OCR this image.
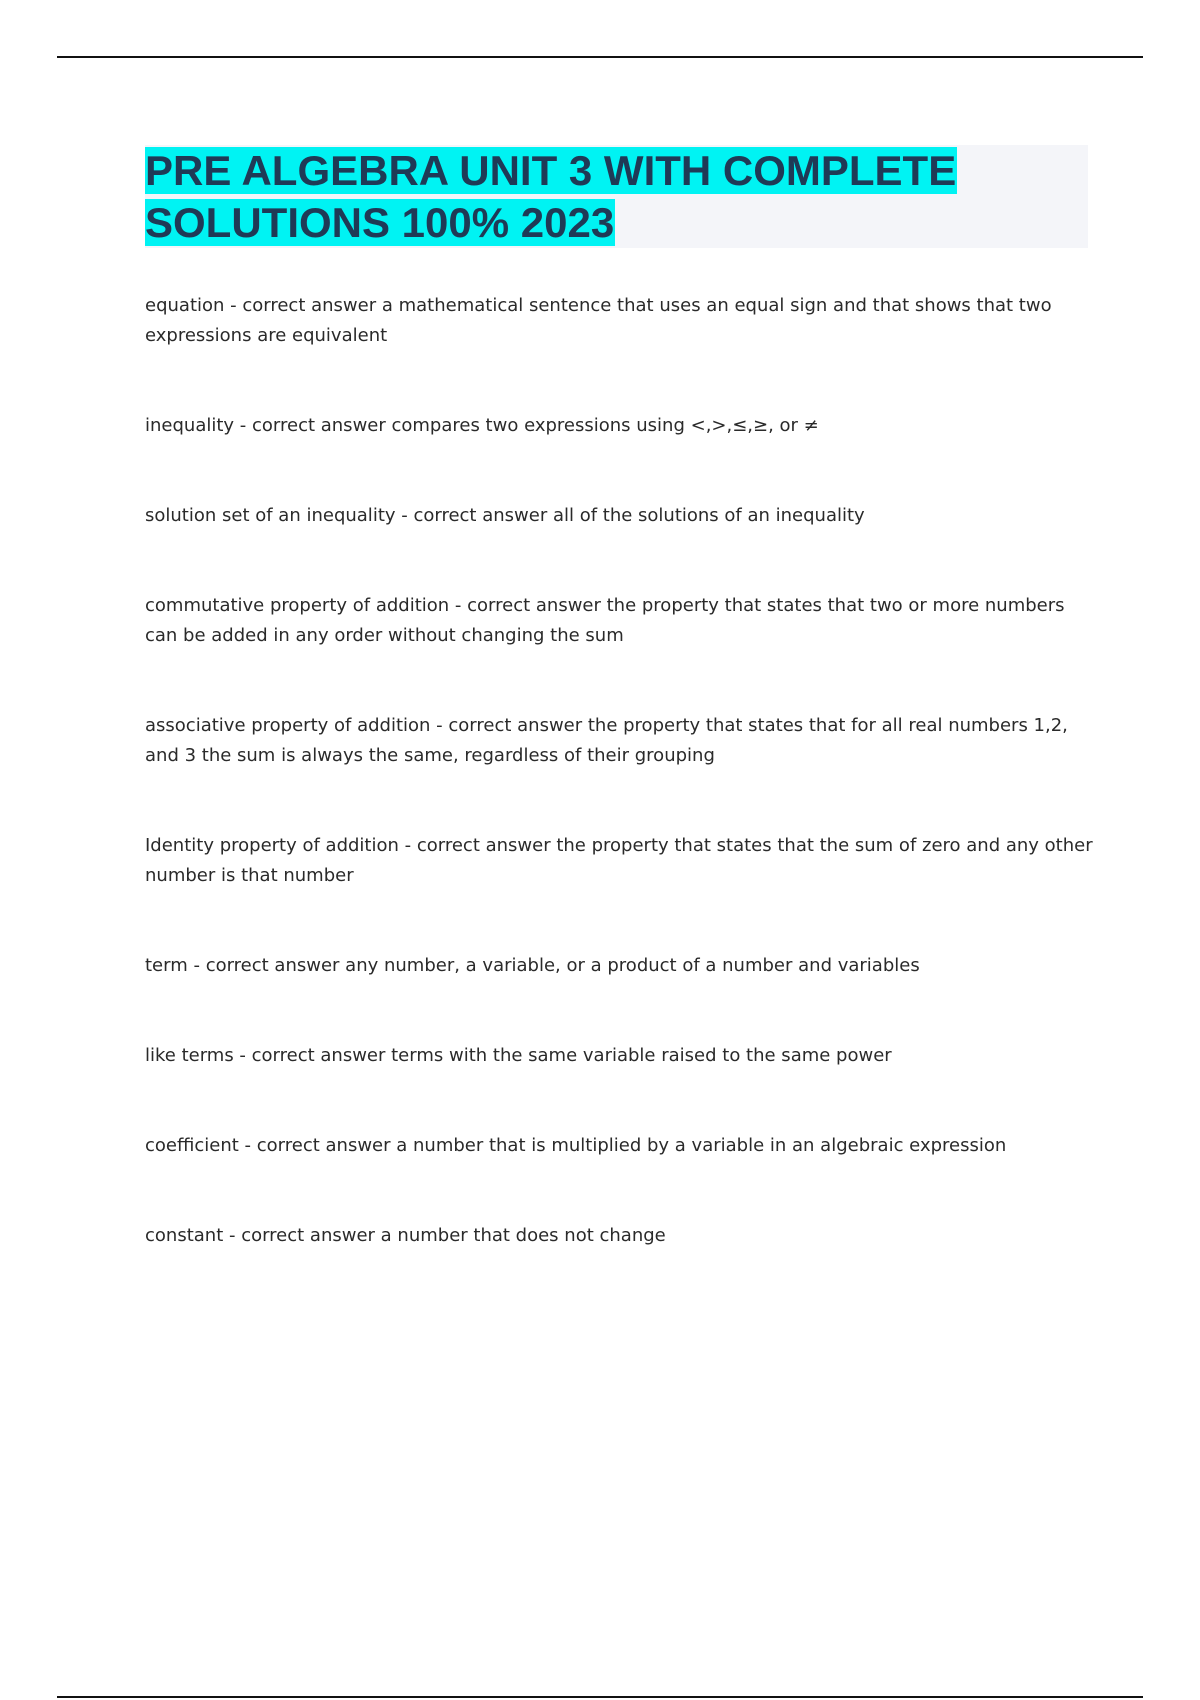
PRE ALGEBRA UNIT 3 WITH COMPLETE SOLUTIONS 100% 2023
equation - correct answer a mathematical sentence that uses an equal sign and that shows that two expressions are equivalent
inequality - correct answer compares two expressions using <,>,≤,≥, or ≠
solution set of an inequality - correct answer all of the solutions of an inequality
commutative property of addition - correct answer the property that states that two or more numbers can be added in any order without changing the sum
associative property of addition - correct answer the property that states that for all real numbers 1,2, and 3 the sum is always the same, regardless of their grouping
Identity property of addition - correct answer the property that states that the sum of zero and any other number is that number
term - correct answer any number, a variable, or a product of a number and variables
like terms - correct answer terms with the same variable raised to the same power
coefficient - correct answer a number that is multiplied by a variable in an algebraic expression
constant - correct answer a number that does not change
